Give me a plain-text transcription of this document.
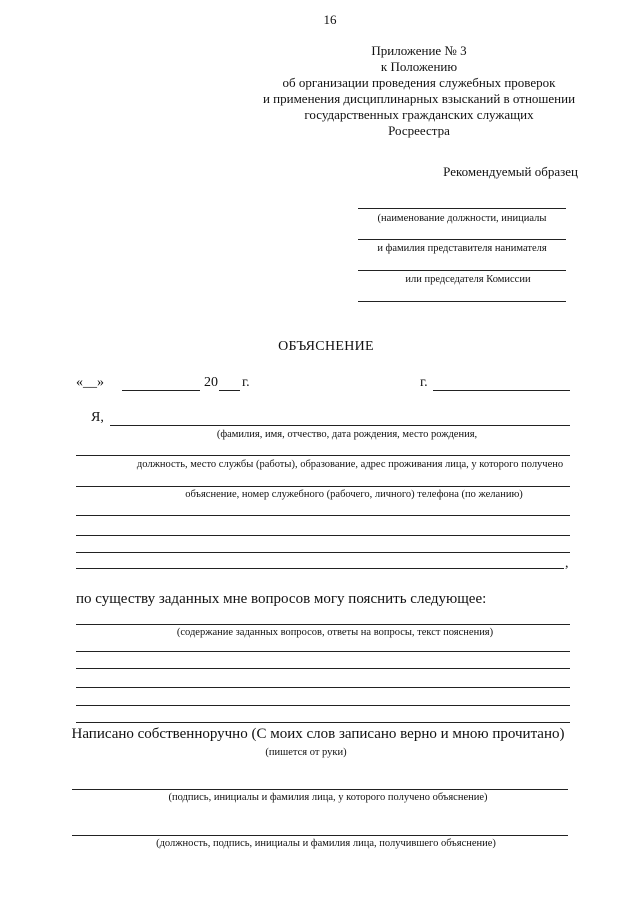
16
Приложение № 3
к Положению
об организации проведения служебных проверок
и применения дисциплинарных взысканий в отношении
государственных гражданских служащих
Росреестра
Рекомендуемый образец
(наименование должности, инициалы
и фамилия представителя нанимателя
или председателя Комиссии
ОБЪЯСНЕНИЕ
«__»	20 г.	г.
Я,
(фамилия, имя, отчество, дата рождения, место рождения,
должность, место службы (работы), образование, адрес проживания лица, у которого получено
объяснение, номер служебного (рабочего, личного) телефона (по желанию)
,
по существу заданных мне вопросов могу пояснить следующее:
(содержание заданных вопросов, ответы на вопросы, текст пояснения)
Написано собственноручно (С моих слов записано верно и мною прочитано)
(пишется от руки)
(подпись, инициалы и фамилия лица, у которого получено объяснение)
(должность, подпись, инициалы и фамилия лица, получившего объяснение)
